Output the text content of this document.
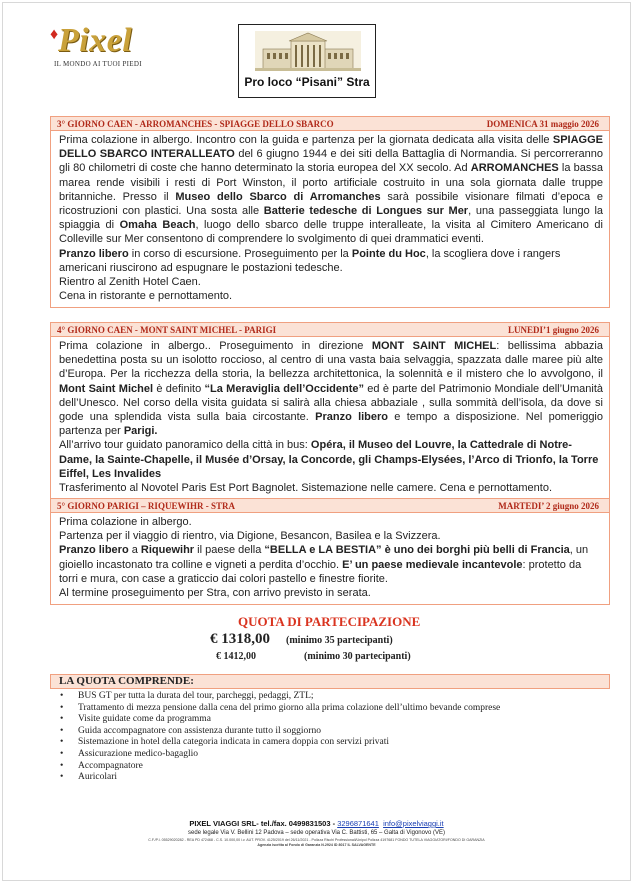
♦ Pixel
IL MONDO AI TUOI PIEDI
Pro loco “Pisani” Stra
3° GIORNO CAEN - ARROMANCHES - SPIAGGE DELLO SBARCO	DOMENICA 31 maggio 2026

Prima colazione in albergo. Incontro con la guida e partenza per la giornata dedicata alla visita delle SPIAGGE DELLO SBARCO INTERALLEATO del 6 giugno 1944 e dei siti della Battaglia di Normandia. Si percorreranno gli 80 chilometri di coste che hanno determinato la storia europea del XX secolo. Ad ARROMANCHES la bassa marea rende visibili i resti di Port Winston, il porto artificiale costruito in una sola giornata dalle truppe britanniche. Presso il Museo dello Sbarco di Arromanches sarà possibile visionare filmati d’epoca e ricostruzioni con plastici. Una sosta alle Batterie tedesche di Longues sur Mer, una passeggiata lungo la spiaggia di Omaha Beach, luogo dello sbarco delle truppe interalleate, la visita al Cimitero Americano di Colleville sur Mer consentono di comprendere lo svolgimento di quei drammatici eventi.

Pranzo libero in corso di escursione. Proseguimento per la Pointe du Hoc, la scogliera dove i rangers americani riuscirono ad espugnare le postazioni tedesche.

Rientro al Zenith Hotel Caen.

Cena in ristorante e pernottamento.

4° GIORNO CAEN - MONT SAINT MICHEL - PARIGI	LUNEDI’1 giugno 2026

Prima colazione in albergo.. Proseguimento in direzione MONT SAINT MICHEL: bellissima abbazia benedettina posta su un isolotto roccioso, al centro di una vasta baia selvaggia, spazzata dalle maree più alte d’Europa. Per la ricchezza della storia, la bellezza architettonica, la solennità e il mistero che lo avvolgono, il Mont Saint Michel è definito “La Meraviglia dell’Occidente” ed è parte del Patrimonio Mondiale dell’Umanità dell’Unesco. Nel corso della visita guidata si salirà alla chiesa abbaziale , sulla sommità dell’isola, da dove si gode una splendida vista sulla baia circostante. Pranzo libero e tempo a disposizione. Nel pomeriggio partenza per Parigi.

All’arrivo tour guidato panoramico della città in bus: Opéra, il Museo del Louvre, la Cattedrale di Notre-Dame, la Sainte-Chapelle, il Musée d’Orsay, la Concorde, gli Champs-Elysées, l’Arco di Trionfo, la Torre Eiffel, Les Invalides

Trasferimento al Novotel Paris Est Port Bagnolet. Sistemazione nelle camere. Cena e pernottamento.

5° GIORNO PARIGI – RIQUEWIHR - STRA	MARTEDI’ 2 giugno 2026

Prima colazione in albergo.

Partenza per il viaggio di rientro, via Digione, Besancon, Basilea e la Svizzera.

Pranzo libero a Riquewihr il paese della “BELLA e LA BESTIA” è uno dei borghi più belli di Francia, un gioiello incastonato tra colline e vigneti a perdita d’occhio. E’ un paese medievale incantevole: protetto da torri e mura, con case a graticcio dai colori pastello e finestre fiorite.

Al termine proseguimento per Stra, con arrivo previsto in serata.

QUOTA DI PARTECIPAZIONE
€ 1318,00 (minimo 35 partecipanti)
€ 1412,00	(minimo 30 partecipanti)
LA QUOTA COMPRENDE:
• BUS GT per tutta la durata del tour, parcheggi, pedaggi, ZTL;
• Trattamento di mezza pensione dalla cena del primo giorno alla prima colazione dell’ultimo bevande comprese
• Visite guidate come da programma
• Guida accompagnatore con assistenza durante tutto il soggiorno
• Sistemazione in hotel della categoria indicata in camera doppia con servizi privati
• Assicurazione medico-bagaglio
• Accompagnatore
• Auricolari
PIXEL VIAGGI SRL- tel./fax. 0499831503 - 3296871641 info@pixelviaggi.it
sede legale Via V. Bellini 12 Padova – sede operativa Via C. Battisti, 65 – Galta di Vigonovo (VE)
C.F./P.I. 05529020282 - REA PD 472468 - C.S. 10.000,00 i.v. AUT. PROV. 4125/2019 del 26/11/2021 - Polizza Rischi Professionali/Unipol Polizza 4197681 FONDO TUTELA VIAGGIATORI/FONDO DI GARANZIA
Agenzia iscritta al Fondo di Garanzia N.2924 ID 8017 IL SALVAGENTE
